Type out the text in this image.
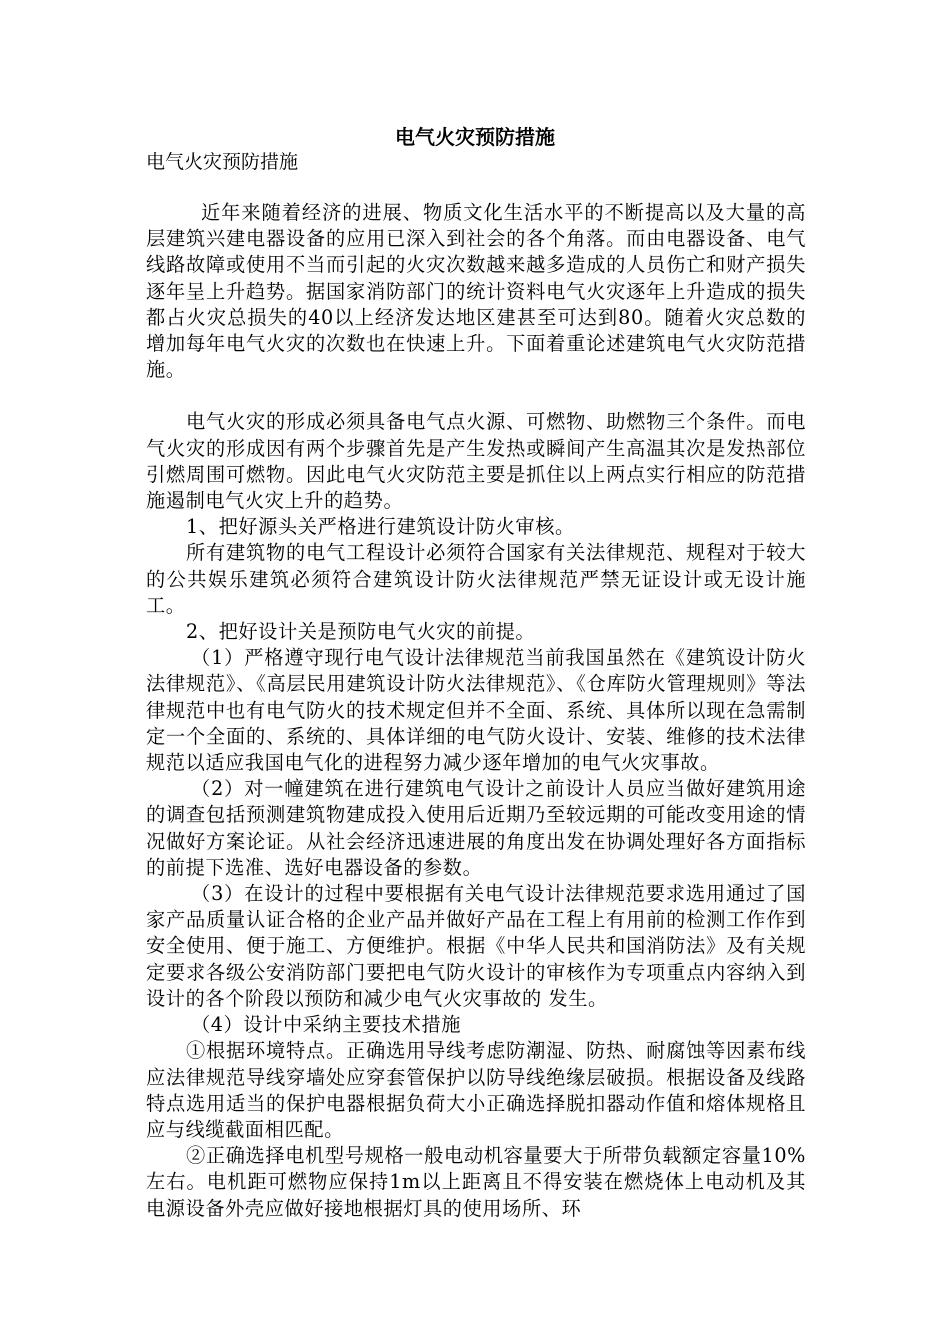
电气火灾预防措施
电气火灾预防措施

近年来随着经济的进展、物质文化生活水平的不断提高以及大量的高层建筑兴建电器设备的应用已深入到社会的各个角落。而由电器设备、电气线路故障或使用不当而引起的火灾次数越来越多造成的人员伤亡和财产损失逐年呈上升趋势。据国家消防部门的统计资料电气火灾逐年上升造成的损失都占火灾总损失的40以上经济发达地区建甚至可达到80。随着火灾总数的增加每年电气火灾的次数也在快速上升。下面着重论述建筑电气火灾防范措施。

电气火灾的形成必须具备电气点火源、可燃物、助燃物三个条件。而电气火灾的形成因有两个步骤首先是产生发热或瞬间产生高温其次是发热部位引燃周围可燃物。因此电气火灾防范主要是抓住以上两点实行相应的防范措施遏制电气火灾上升的趋势。

1、把好源头关严格进行建筑设计防火审核。

所有建筑物的电气工程设计必须符合国家有关法律规范、规程对于较大的公共娱乐建筑必须符合建筑设计防火法律规范严禁无证设计或无设计施工。

2、把好设计关是预防电气火灾的前提。

（1）严格遵守现行电气设计法律规范当前我国虽然在《建筑设计防火法律规范》、《高层民用建筑设计防火法律规范》、《仓库防火管理规则》等法律规范中也有电气防火的技术规定但并不全面、系统、具体所以现在急需制定一个全面的、系统的、具体详细的电气防火设计、安装、维修的技术法律规范以适应我国电气化的进程努力减少逐年增加的电气火灾事故。

（2）对一幢建筑在进行建筑电气设计之前设计人员应当做好建筑用途的调查包括预测建筑物建成投入使用后近期乃至较远期的可能改变用途的情况做好方案论证。从社会经济迅速进展的角度出发在协调处理好各方面指标的前提下选准、选好电器设备的参数。

（3）在设计的过程中要根据有关电气设计法律规范要求选用通过了国家产品质量认证合格的企业产品并做好产品在工程上有用前的检测工作作到安全使用、便于施工、方便维护。根据《中华人民共和国消防法》及有关规定要求各级公安消防部门要把电气防火设计的审核作为专项重点内容纳入到设计的各个阶段以预防和减少电气火灾事故的 发生。

（4）设计中采纳主要技术措施

①根据环境特点。正确选用导线考虑防潮湿、防热、耐腐蚀等因素布线应法律规范导线穿墙处应穿套管保护以防导线绝缘层破损。根据设备及线路特点选用适当的保护电器根据负荷大小正确选择脱扣器动作值和熔体规格且应与线缆截面相匹配。

②正确选择电机型号规格一般电动机容量要大于所带负载额定容量10%左右。电机距可燃物应保持1m以上距离且不得安装在燃烧体上电动机及其电源设备外壳应做好接地根据灯具的使用场所、环
